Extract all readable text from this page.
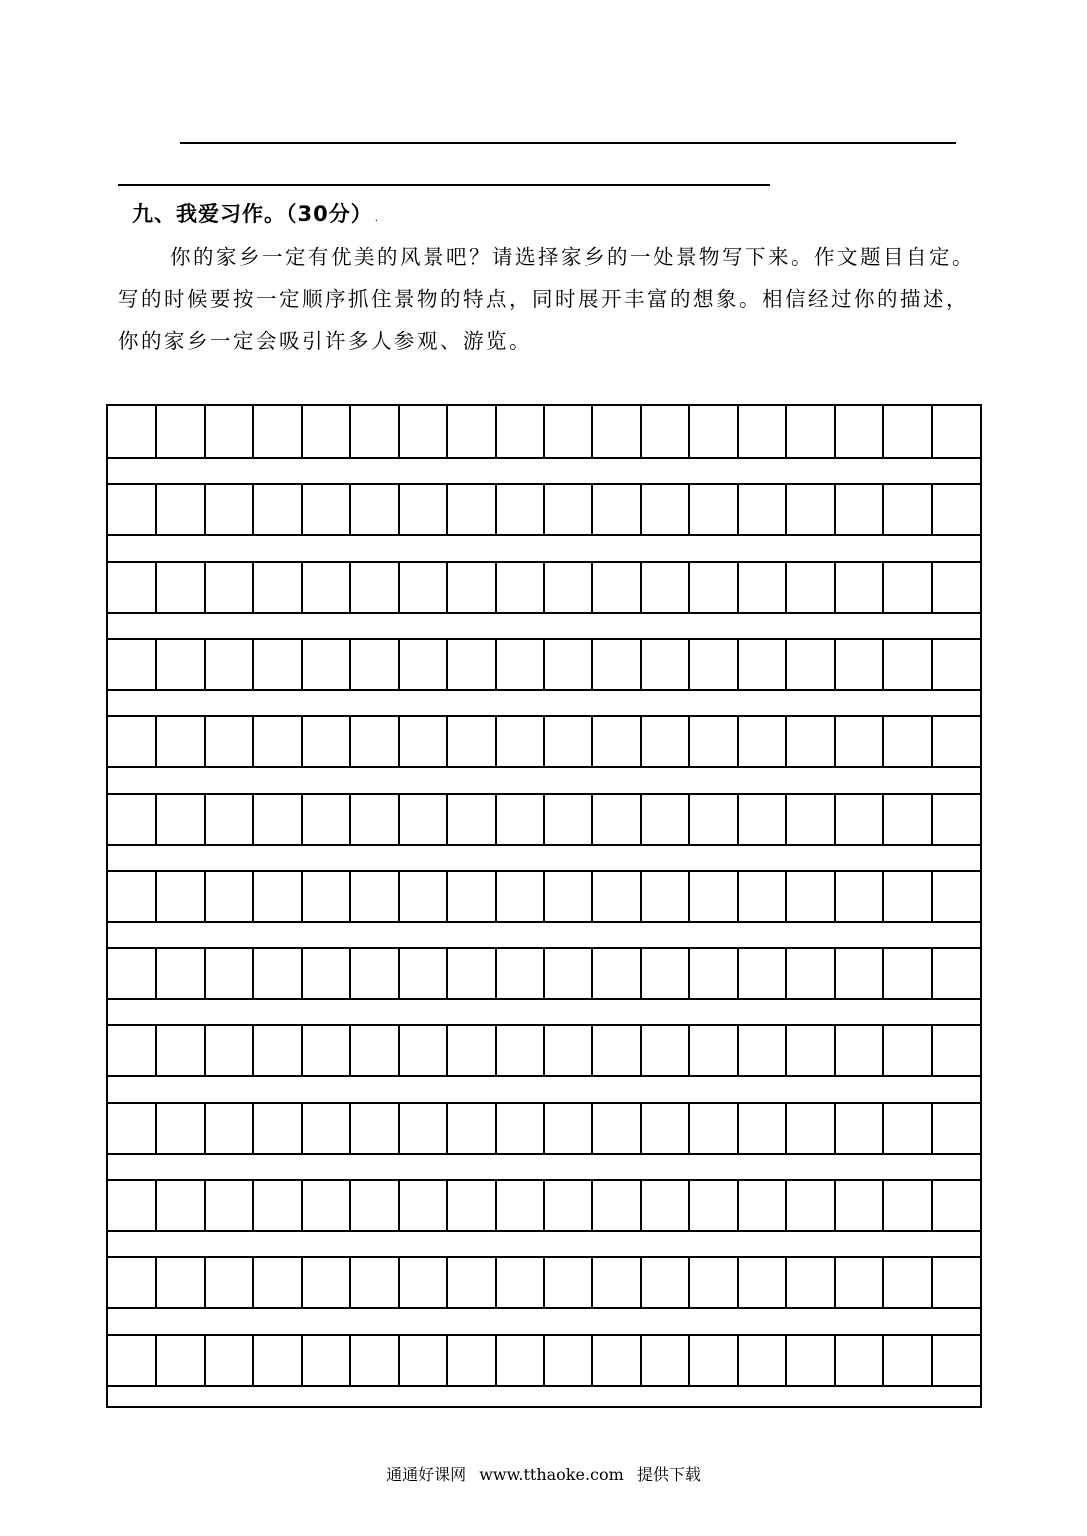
九、我爱习作。（30分） .

你的家乡一定有优美的风景吧？请选择家乡的一处景物写下来。作文题目自定。写的时候要按一定顺序抓住景物的特点，同时展开丰富的想象。相信经过你的描述，你的家乡一定会吸引许多人参观、游览。

通通好课网 www.tthaoke.com 提供下载
